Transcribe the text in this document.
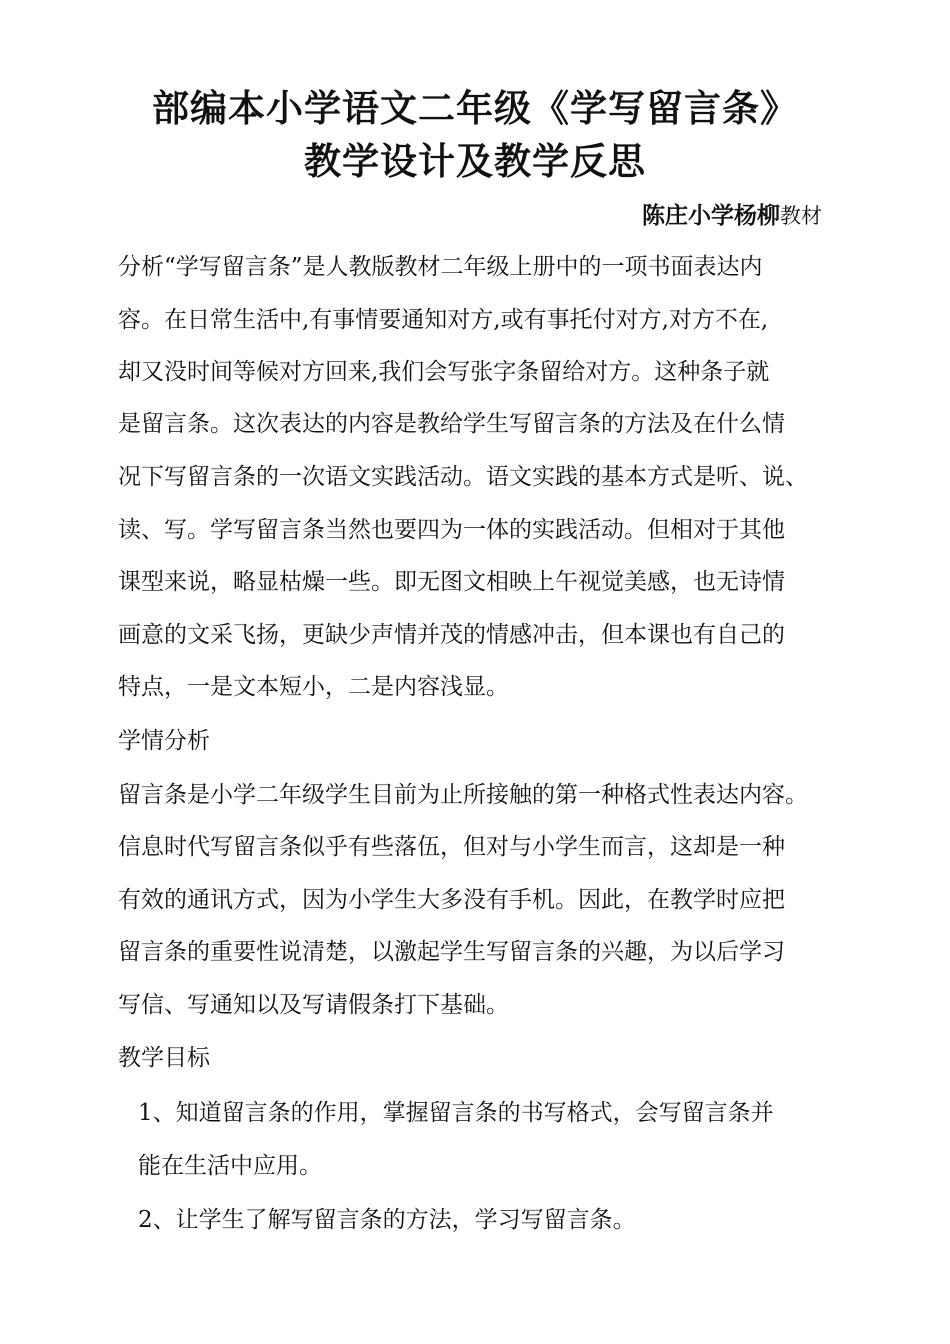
部编本小学语文二年级《学写留言条》
教学设计及教学反思
陈庄小学杨柳教材
分析“学写留言条”是人教版教材二年级上册中的一项书面表达内
容。在日常生活中,有事情要通知对方,或有事托付对方,对方不在,
却又没时间等候对方回来,我们会写张字条留给对方。这种条子就
是留言条。这次表达的内容是教给学生写留言条的方法及在什么情
况下写留言条的一次语文实践活动。语文实践的基本方式是听、说、
读、写。学写留言条当然也要四为一体的实践活动。但相对于其他
课型来说，略显枯燥一些。即无图文相映上午视觉美感，也无诗情
画意的文采飞扬，更缺少声情并茂的情感冲击，但本课也有自己的
特点，一是文本短小，二是内容浅显。
学情分析
留言条是小学二年级学生目前为止所接触的第一种格式性表达内容。
信息时代写留言条似乎有些落伍，但对与小学生而言，这却是一种
有效的通讯方式，因为小学生大多没有手机。因此，在教学时应把
留言条的重要性说清楚，以激起学生写留言条的兴趣，为以后学习
写信、写通知以及写请假条打下基础。
教学目标
1、知道留言条的作用，掌握留言条的书写格式，会写留言条并
能在生活中应用。
2、让学生了解写留言条的方法，学习写留言条。
